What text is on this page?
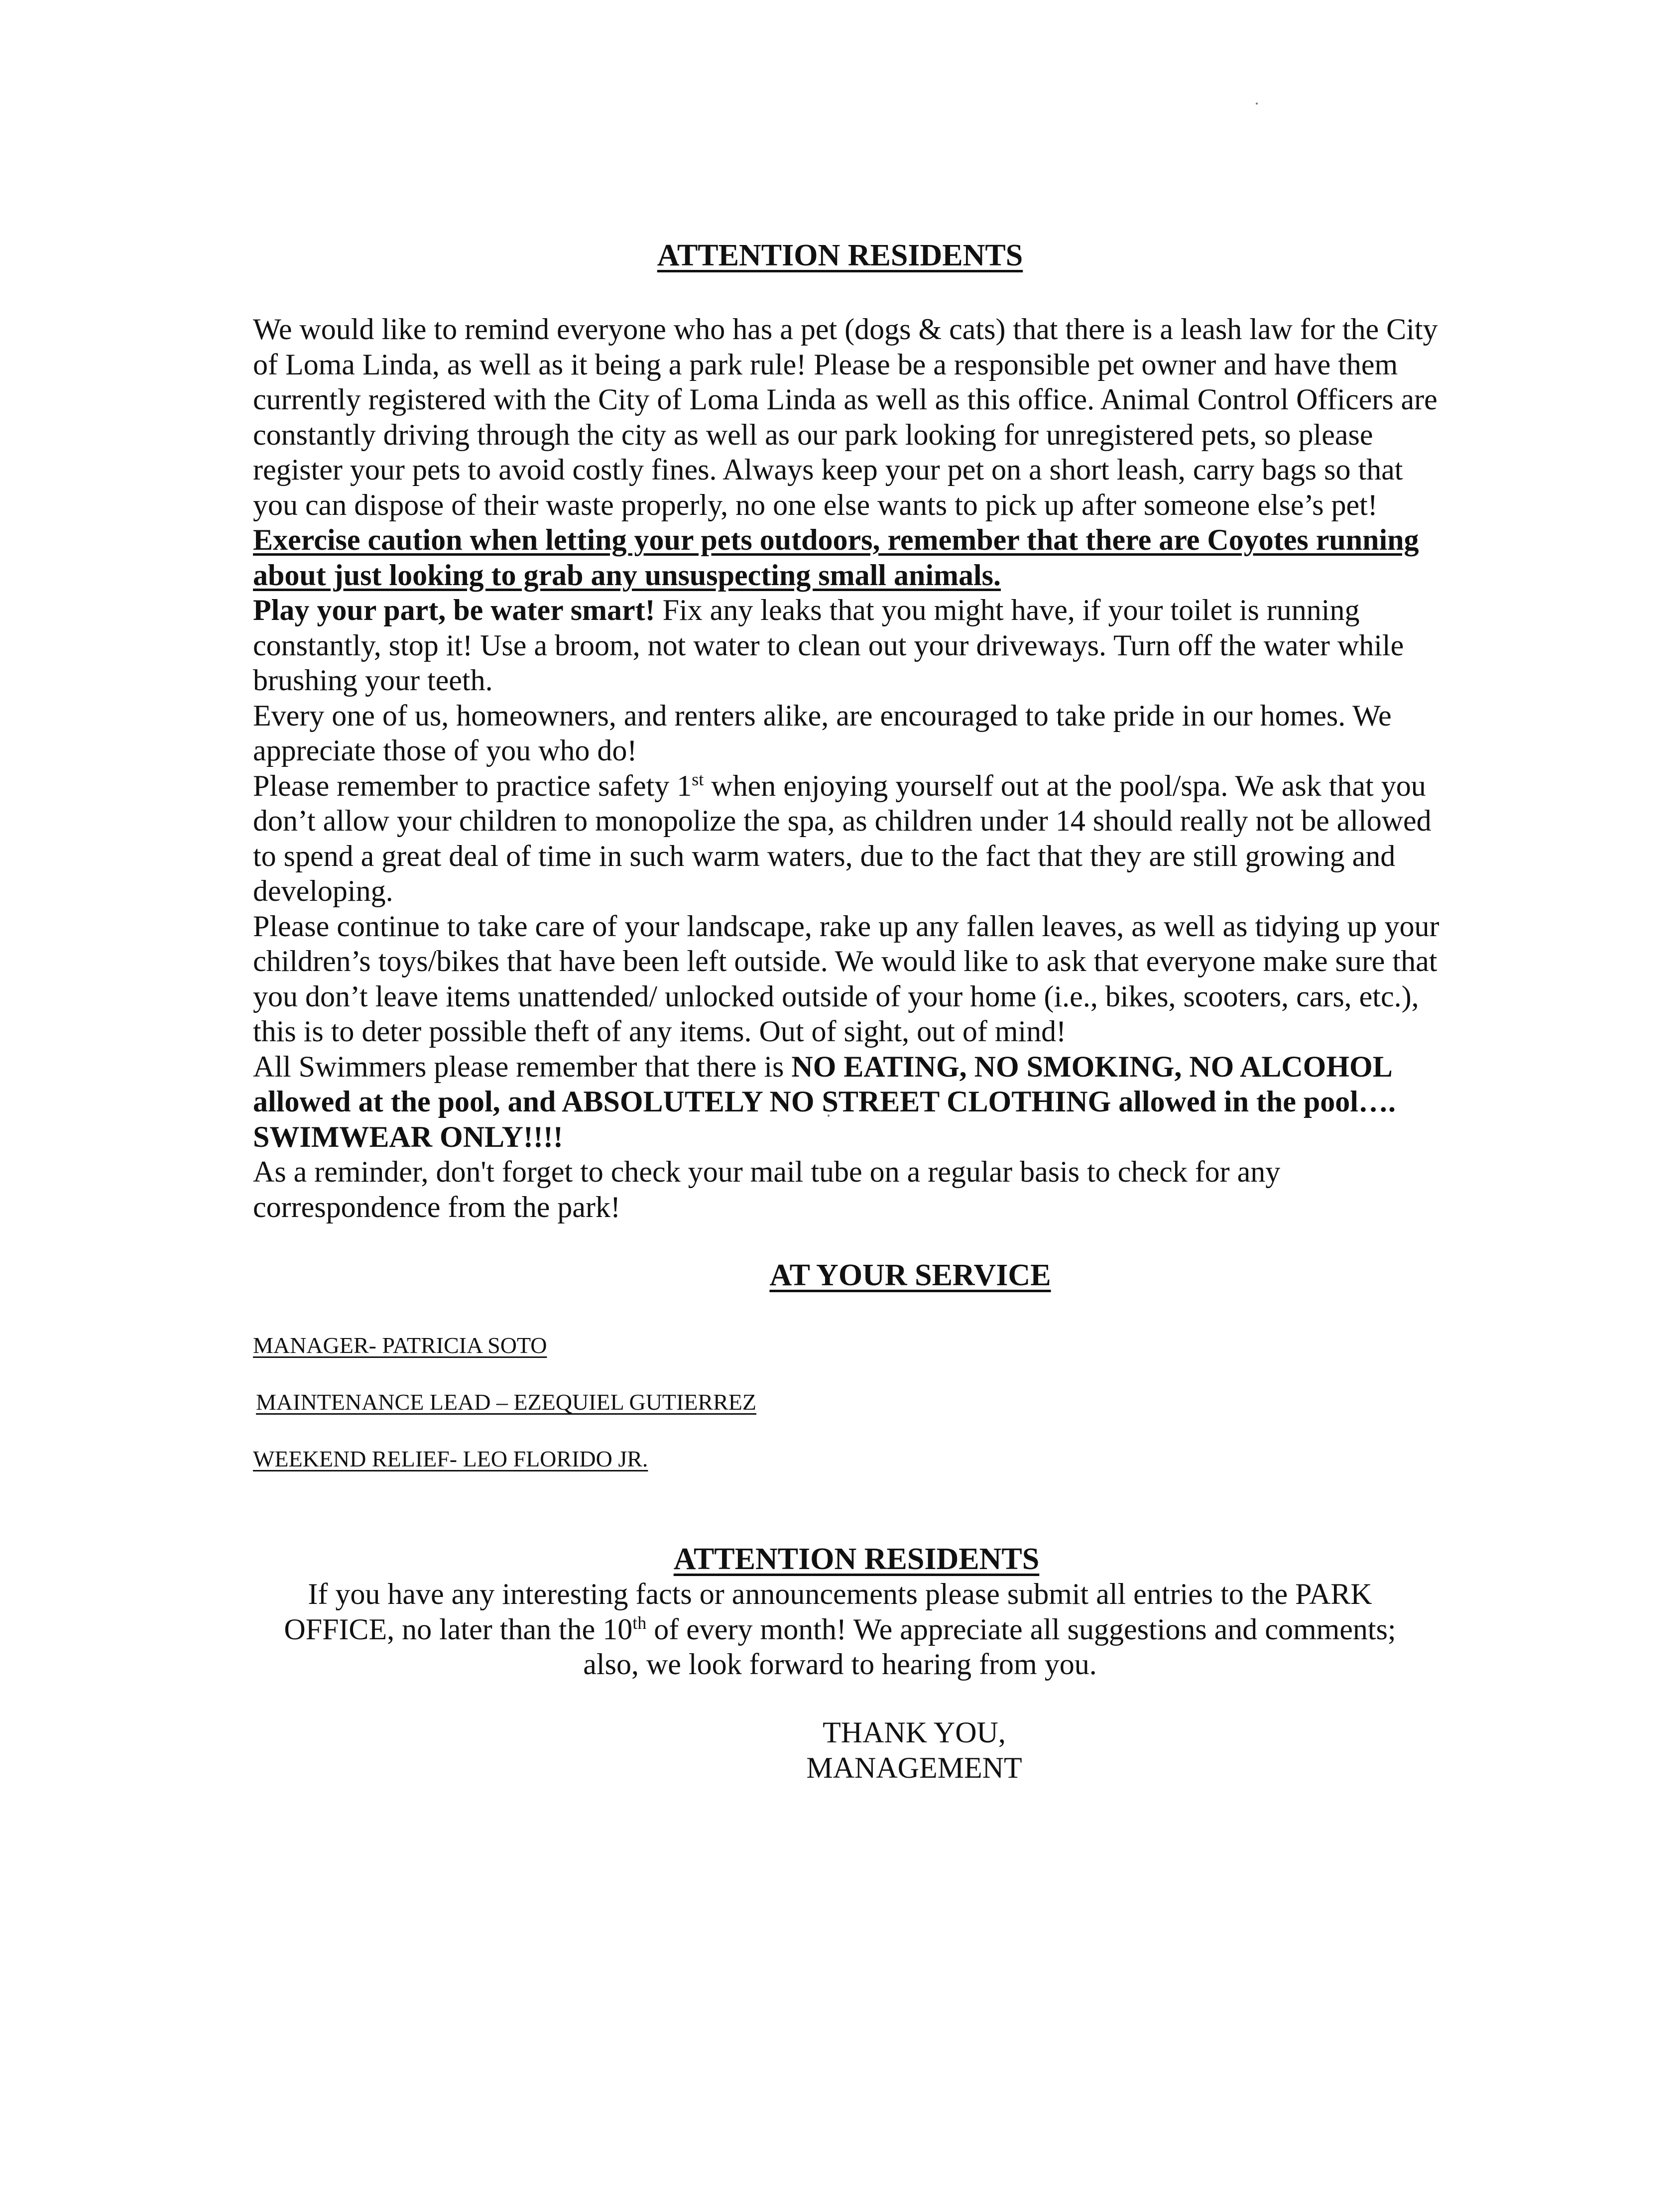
ATTENTION RESIDENTS

We would like to remind everyone who has a pet (dogs & cats) that there is a leash law for the City of Loma Linda, as well as it being a park rule! Please be a responsible pet owner and have them currently registered with the City of Loma Linda as well as this office. Animal Control Officers are constantly driving through the city as well as our park looking for unregistered pets, so please register your pets to avoid costly fines. Always keep your pet on a short leash, carry bags so that you can dispose of their waste properly, no one else wants to pick up after someone else’s pet! Exercise caution when letting your pets outdoors, remember that there are Coyotes running about just looking to grab any unsuspecting small animals.

Play your part, be water smart! Fix any leaks that you might have, if your toilet is running constantly, stop it! Use a broom, not water to clean out your driveways. Turn off the water while brushing your teeth.

Every one of us, homeowners, and renters alike, are encouraged to take pride in our homes. We appreciate those of you who do!

Please remember to practice safety 1st when enjoying yourself out at the pool/spa. We ask that you don’t allow your children to monopolize the spa, as children under 14 should really not be allowed to spend a great deal of time in such warm waters, due to the fact that they are still growing and developing.

Please continue to take care of your landscape, rake up any fallen leaves, as well as tidying up your children’s toys/bikes that have been left outside. We would like to ask that everyone make sure that you don’t leave items unattended/ unlocked outside of your home (i.e., bikes, scooters, cars, etc.), this is to deter possible theft of any items. Out of sight, out of mind!

All Swimmers please remember that there is NO EATING, NO SMOKING, NO ALCOHOL allowed at the pool, and ABSOLUTELY NO STREET CLOTHING allowed in the pool…. SWIMWEAR ONLY!!!!

As a reminder, don't forget to check your mail tube on a regular basis to check for any correspondence from the park!

AT YOUR SERVICE
MANAGER- PATRICIA SOTO
MAINTENANCE LEAD – EZEQUIEL GUTIERREZ
WEEKEND RELIEF- LEO FLORIDO JR.
ATTENTION RESIDENTS

If you have any interesting facts or announcements please submit all entries to the PARK OFFICE, no later than the 10th of every month! We appreciate all suggestions and comments; also, we look forward to hearing from you.

THANK YOU,

MANAGEMENT
